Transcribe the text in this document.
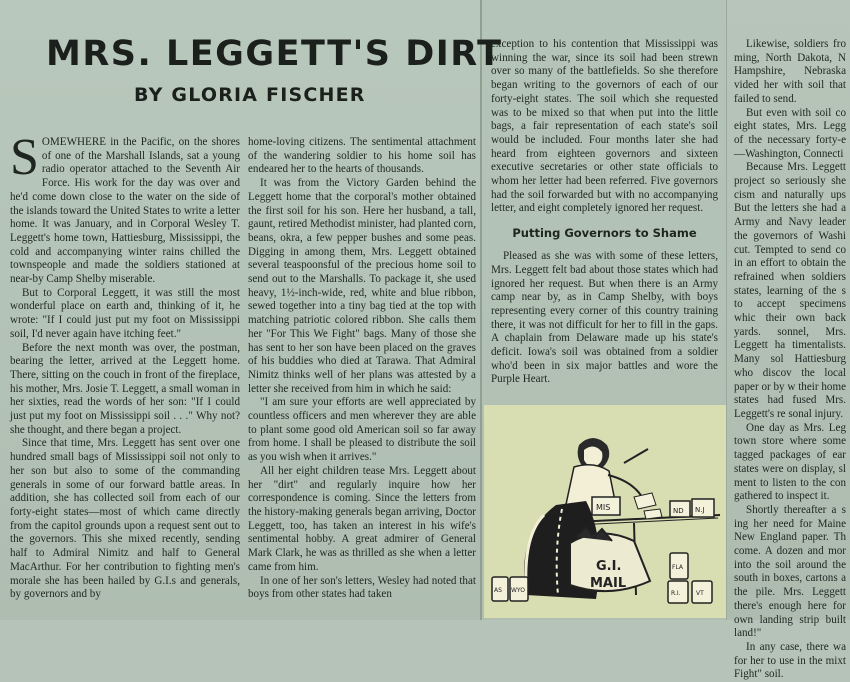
MRS. LEGGETT'S DIRT
BY GLORIA FISCHER

SOMEWHERE in the Pacific, on the shores of one of the Marshall Islands, sat a young radio operator attached to the Seventh Air Force. His work for the day was over and he'd come down close to the water on the side of the islands toward the United States to write a letter home. It was January, and in Corporal Wesley T. Leggett's home town, Hattiesburg, Mississippi, the cold and accompanying winter rains chilled the townspeople and made the soldiers stationed at near-by Camp Shelby miserable.

But to Corporal Leggett, it was still the most wonderful place on earth and, thinking of it, he wrote: "If I could just put my foot on Mississippi soil, I'd never again have itching feet."

Before the next month was over, the postman, bearing the letter, arrived at the Leggett home. There, sitting on the couch in front of the fireplace, his mother, Mrs. Josie T. Leggett, a small woman in her sixties, read the words of her son: "If I could just put my foot on Mississippi soil . . ." Why not? she thought, and there began a project.

Since that time, Mrs. Leggett has sent over one hundred small bags of Mississippi soil not only to her son but also to some of the commanding generals in some of our forward battle areas. In addition, she has collected soil from each of our forty-eight states—most of which came directly from the capitol grounds upon a request sent out to the governors. This she mixed recently, sending half to Admiral Nimitz and half to General MacArthur. For her contribution to fighting men's morale she has been hailed by G.I.s and generals, by governors and by

home-loving citizens. The sentimental attachment of the wandering soldier to his home soil has endeared her to the hearts of thousands.

It was from the Victory Garden behind the Leggett home that the corporal's mother obtained the first soil for his son. Here her husband, a tall, gaunt, retired Methodist minister, had planted corn, beans, okra, a few pepper bushes and some peas. Digging in among them, Mrs. Leggett obtained several teaspoonsful of the precious home soil to send out to the Marshalls. To package it, she used heavy, 1½-inch-wide, red, white and blue ribbon, sewed together into a tiny bag tied at the top with matching patriotic colored ribbon. She calls them her "For This We Fight" bags. Many of those she has sent to her son have been placed on the graves of his buddies who died at Tarawa. That Admiral Nimitz thinks well of her plans was attested by a letter she received from him in which he said:

"I am sure your efforts are well appreciated by countless officers and men wherever they are able to plant some good old American soil so far away from home. I shall be pleased to distribute the soil as you wish when it arrives."

All her eight children tease Mrs. Leggett about her "dirt" and regularly inquire how her correspondence is coming. Since the letters from the history-making generals began arriving, Doctor Leggett, too, has taken an interest in his wife's sentimental hobby. A great admirer of General Mark Clark, he was as thrilled as she when a letter came from him.

In one of her son's letters, Wesley had noted that boys from other states had taken

exception to his contention that Mississippi was winning the war, since its soil had been strewn over so many of the battlefields. So she therefore began writing to the governors of each of our forty-eight states. The soil which she requested was to be mixed so that when put into the little bags, a fair representation of each state's soil would be included. Four months later she had heard from eighteen governors and sixteen executive secretaries or other state officials to whom her letter had been referred. Five governors had the soil forwarded but with no accompanying letter, and eight completely ignored her request.

Putting Governors to Shame

Pleased as she was with some of these letters, Mrs. Leggett felt bad about those states which had ignored her request. But when there is an Army camp near by, as in Camp Shelby, with boys representing every corner of this country training there, it was not difficult for her to fill in the gaps. A chaplain from Delaware made up his state's deficit. Iowa's soil was obtained from a soldier who'd been in six major battles and wore the Purple Heart.

Likewise, soldiers fro ming, North Dakota, N Hampshire, Nebraska vided her with soil that failed to send.

But even with soil co eight states, Mrs. Legg of the necessary forty-e —Washington, Connecti

Because Mrs. Leggett project so seriously she cism and naturally ups But the letters she had a Army and Navy leader the governors of Washi cut. Tempted to send co in an effort to obtain the refrained when soldiers states, learning of the s to accept specimens whic their own back yards. sonnel, Mrs. Leggett ha timentalists. Many sol Hattiesburg who discov the local paper or by w their home states had fused Mrs. Leggett's re sonal injury.

One day as Mrs. Leg town store where some tagged packages of ear states were on display, sl ment to listen to the con gathered to inspect it.

Shortly thereafter a s ing her need for Maine New England paper. Th come. A dozen and mor into the soil around the south in boxes, cartons a the pile. Mrs. Leggett there's enough here for own landing strip built land!"

In any case, there wa for her to use in the mixt Fight" soil.

MIS	ND N.J
G.I.
MAIL
AS WYO
FLA
R.I.	VT
